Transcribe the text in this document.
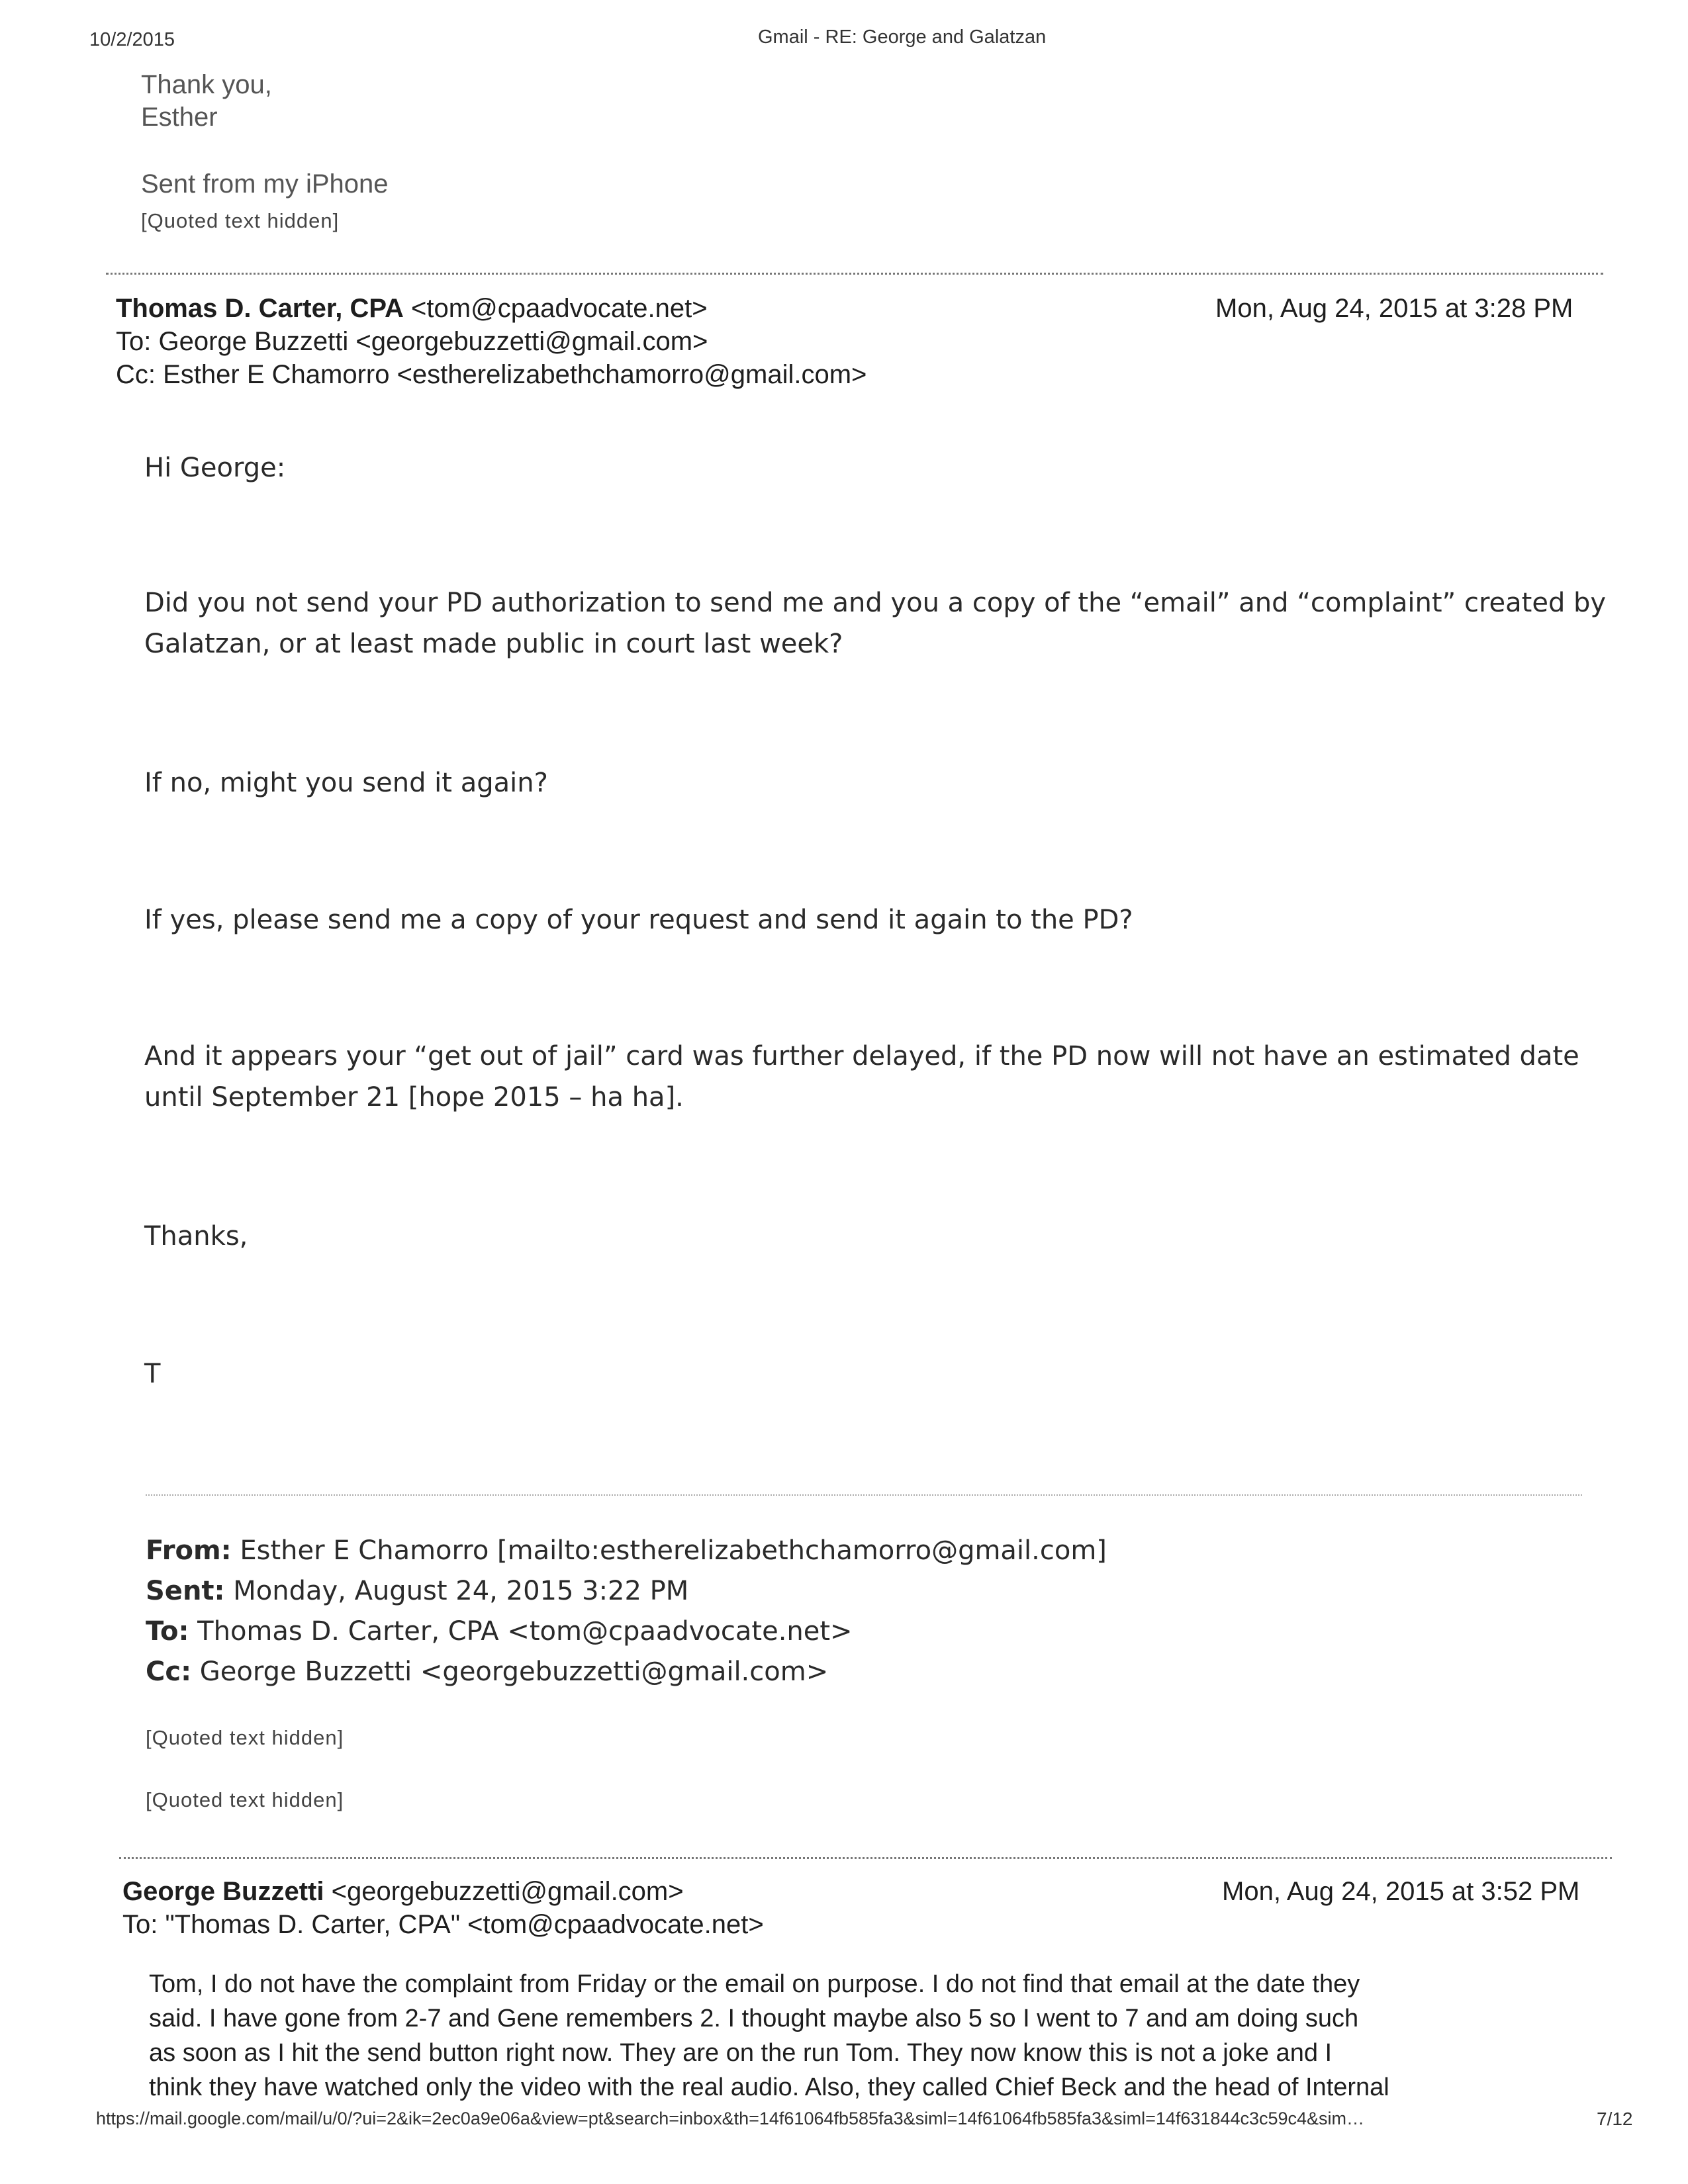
10/2/2015	Gmail - RE: George and Galatzan
Thank you,
Esther
Sent from my iPhone
[Quoted text hidden]
Thomas D. Carter, CPA <tom@cpaadvocate.net>	Mon, Aug 24, 2015 at 3:28 PM
To: George Buzzetti <georgebuzzetti@gmail.com>
Cc: Esther E Chamorro <estherelizabethchamorro@gmail.com>
Hi George:
Did you not send your PD authorization to send me and you a copy of the “email” and “complaint” created by
Galatzan, or at least made public in court last week?
If no, might you send it again?
If yes, please send me a copy of your request and send it again to the PD?
And it appears your “get out of jail” card was further delayed, if the PD now will not have an estimated date
until September 21 [hope 2015 – ha ha].
Thanks,
T
From: Esther E Chamorro [mailto:estherelizabethchamorro@gmail.com]
Sent: Monday, August 24, 2015 3:22 PM
To: Thomas D. Carter, CPA <tom@cpaadvocate.net>
Cc: George Buzzetti <georgebuzzetti@gmail.com>
[Quoted text hidden]
[Quoted text hidden]
George Buzzetti <georgebuzzetti@gmail.com>	Mon, Aug 24, 2015 at 3:52 PM
To: "Thomas D. Carter, CPA" <tom@cpaadvocate.net>
Tom, I do not have the complaint from Friday or the email on purpose. I do not find that email at the date they
said. I have gone from 2-7 and Gene remembers 2. I thought maybe also 5 so I went to 7 and am doing such
as soon as I hit the send button right now. They are on the run Tom. They now know this is not a joke and I
think they have watched only the video with the real audio. Also, they called Chief Beck and the head of Internal
https://mail.google.com/mail/u/0/?ui=2&ik=2ec0a9e06a&view=pt&search=inbox&th=14f61064fb585fa3&siml=14f61064fb585fa3&siml=14f631844c3c59c4&sim…	7/12
